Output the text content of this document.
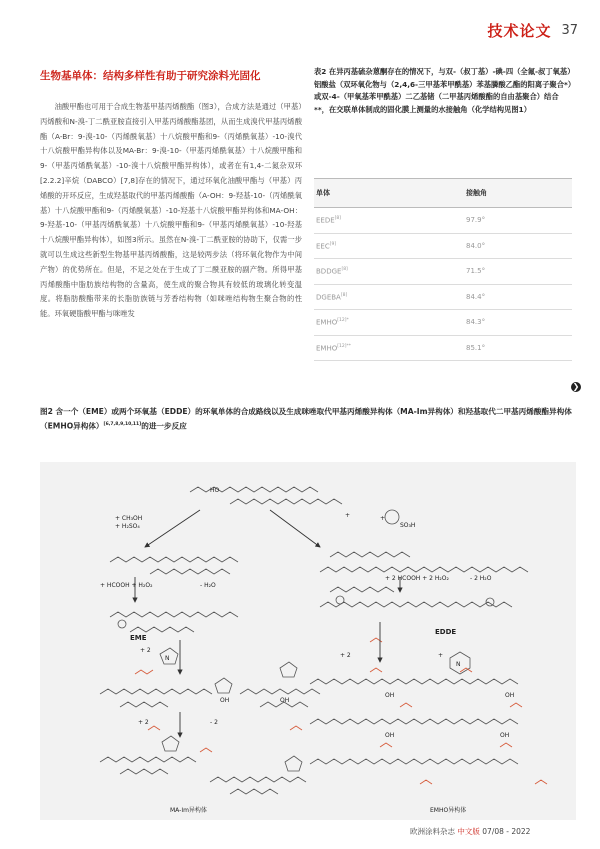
技术论文 37
生物基单体：结构多样性有助于研究涂料光固化

油酸甲酯也可用于合成生物基甲基丙烯酸酯（图3），合成方法是通过（甲基）丙烯酸和N-溴-丁二酰亚胺直接引入甲基丙烯酸酯基团，从而生成溴代甲基丙烯酸酯（A-Br：9-溴-10-（丙烯酰氧基）十八烷酸甲酯和9-（丙烯酰氧基）-10-溴代十八烷酸甲酯异构体以及MA-Br：9-溴-10-（甲基丙烯酰氧基）十八烷酸甲酯和9-（甲基丙烯酰氧基）-10-溴十八烷酸甲酯异构体），或者在有1,4-二氮杂双环[2.2.2]辛烷（DABCO）[7,8]存在的情况下，通过环氧化油酸甲酯与（甲基）丙烯酸的开环反应，生成羟基取代的甲基丙烯酸酯（A-OH：9-羟基-10-（丙烯酰氧基）十八烷酸甲酯和9-（丙烯酰氧基）-10-羟基十八烷酸甲酯异构体和MA-OH：9-羟基-10-（甲基丙烯酰氧基）十八烷酸甲酯和9-（甲基丙烯酰氧基）-10-羟基十八烷酸甲酯异构体），如图3所示。虽然在N-溴-丁二酰亚胺的协助下，仅需一步就可以生成这些新型生物基甲基丙烯酸酯，这是较两步法（将环氧化物作为中间产物）的优势所在。但是，不足之处在于生成了丁二酰亚胺的副产物。所得甲基丙烯酸酯中脂肪族结构物的含量高，使生成的聚合物具有较低的玻璃化转变温度。将脂肪酸酯带来的长脂肪族链与芳香结构物（如咪唑结构物生聚合物的性能。环氧硬脂酸甲酯与咪唑发

表2 在异丙基硫杂蒽酮存在的情况下，与双-（叔丁基）-碘-四（全氟-叔丁氧基）铝酸盐（双环氧化物与（2,4,6-三甲基苯甲酰基）苯基膦酸乙酯的阳离子聚合*）或双-4-（甲氧基苯甲酰基）二乙基锗（二甲基丙烯酸酯的自由基聚合）结合**，在交联单体制成的固化膜上测量的水接触角（化学结构见图1）
单体	接触角
EEDE[8]	97.9°
EEC[9]	84.0°
BDDGE[8]	71.5°
DGEBA[8]	84.4°
$EMHO^{[12]*}$	84.3°
$EMHO^{[12]**}$	85.1°
❯
图2 含一个（EME）或两个环氧基（EDDE）的环氧单体的合成路线以及生成咪唑取代甲基丙烯酸异构体（MA-Im异构体）和羟基取代二甲基丙烯酸酯异构体（EMHO异构体）[6,7,8,9,10,11]的进一步反应
+ CH₃OH
+ H₂SO₄
+ HCOOH + H₂O₂	- H₂O
+ 2 HCOOH + 2 H₂O₂	- 2 H₂O
HO
+	+
SO₃H
+ 2
+ 2	+
+ 2	- 2
OH	OH
OH	OH
OH	OH
N
N
EME
EDDE
MA-Im异构体	EMHO异构体
欧洲涂料杂志 中文版 07/08 - 2022
